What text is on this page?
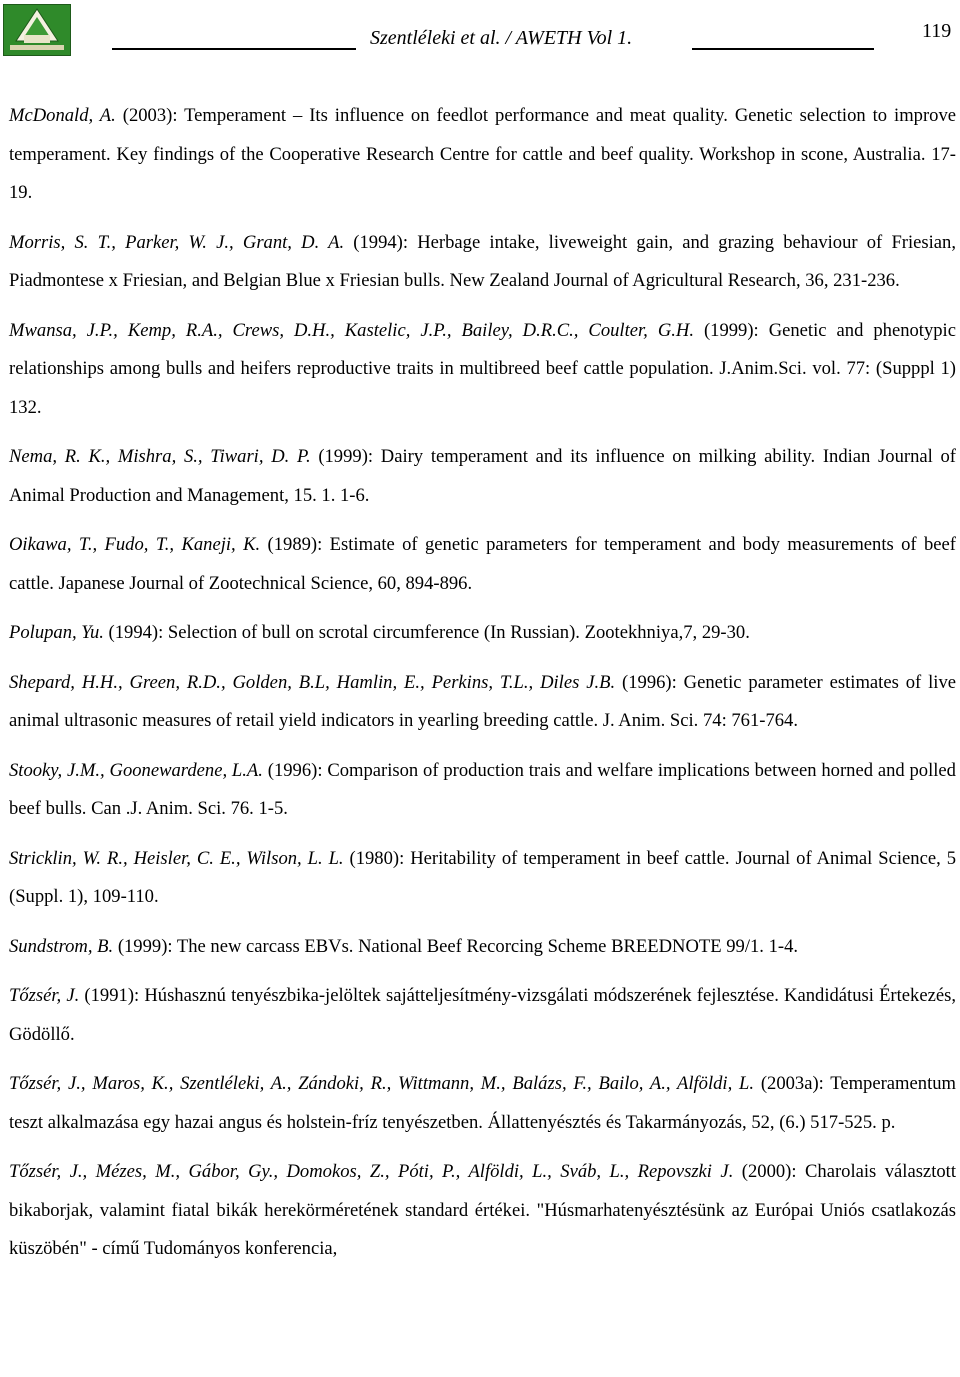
Szentléleki et al. / AWETH Vol 1.	119

McDonald, A. (2003): Temperament – Its influence on feedlot performance and meat quality. Genetic selection to improve temperament. Key findings of the Cooperative Research Centre for cattle and beef quality. Workshop in scone, Australia. 17-19.

Morris, S. T., Parker, W. J., Grant, D. A. (1994): Herbage intake, liveweight gain, and grazing behaviour of Friesian, Piadmontese x Friesian, and Belgian Blue x Friesian bulls. New Zealand Journal of Agricultural Research, 36, 231-236.

Mwansa, J.P., Kemp, R.A., Crews, D.H., Kastelic, J.P., Bailey, D.R.C., Coulter, G.H. (1999): Genetic and phenotypic relationships among bulls and heifers reproductive traits in multibreed beef cattle population. J.Anim.Sci. vol. 77: (Supppl 1) 132.

Nema, R. K., Mishra, S., Tiwari, D. P. (1999): Dairy temperament and its influence on milking ability. Indian Journal of Animal Production and Management, 15. 1. 1-6.

Oikawa, T., Fudo, T., Kaneji, K. (1989): Estimate of genetic parameters for temperament and body measurements of beef cattle. Japanese Journal of Zootechnical Science, 60, 894-896.

Polupan, Yu. (1994): Selection of bull on scrotal circumference (In Russian). Zootekhniya,7, 29-30.

Shepard, H.H., Green, R.D., Golden, B.L, Hamlin, E., Perkins, T.L., Diles J.B. (1996): Genetic parameter estimates of live animal ultrasonic measures of retail yield indicators in yearling breeding cattle. J. Anim. Sci. 74: 761-764.

Stooky, J.M., Goonewardene, L.A. (1996): Comparison of production trais and welfare implications between horned and polled beef bulls. Can .J. Anim. Sci. 76. 1-5.

Stricklin, W. R., Heisler, C. E., Wilson, L. L. (1980): Heritability of temperament in beef cattle. Journal of Animal Science, 5 (Suppl. 1), 109-110.

Sundstrom, B. (1999): The new carcass EBVs. National Beef Recorcing Scheme BREEDNOTE 99/1. 1-4.

Tőzsér, J. (1991): Húshasznú tenyészbika-jelöltek sajátteljesítmény-vizsgálati módszerének fejlesztése. Kandidátusi Értekezés, Gödöllő.

Tőzsér, J., Maros, K., Szentléleki, A., Zándoki, R., Wittmann, M., Balázs, F., Bailo, A., Alföldi, L. (2003a): Temperamentum teszt alkalmazása egy hazai angus és holstein-fríz tenyészetben. Állattenyésztés és Takarmányozás, 52, (6.) 517-525. p.

Tőzsér, J., Mézes, M., Gábor, Gy., Domokos, Z., Póti, P., Alföldi, L., Sváb, L., Repovszki J. (2000): Charolais választott bikaborjak, valamint fiatal bikák herekörméretének standard értékei. "Húsmarhatenyésztésünk az Európai Uniós csatlakozás küszöbén" - című Tudományos konferencia,
